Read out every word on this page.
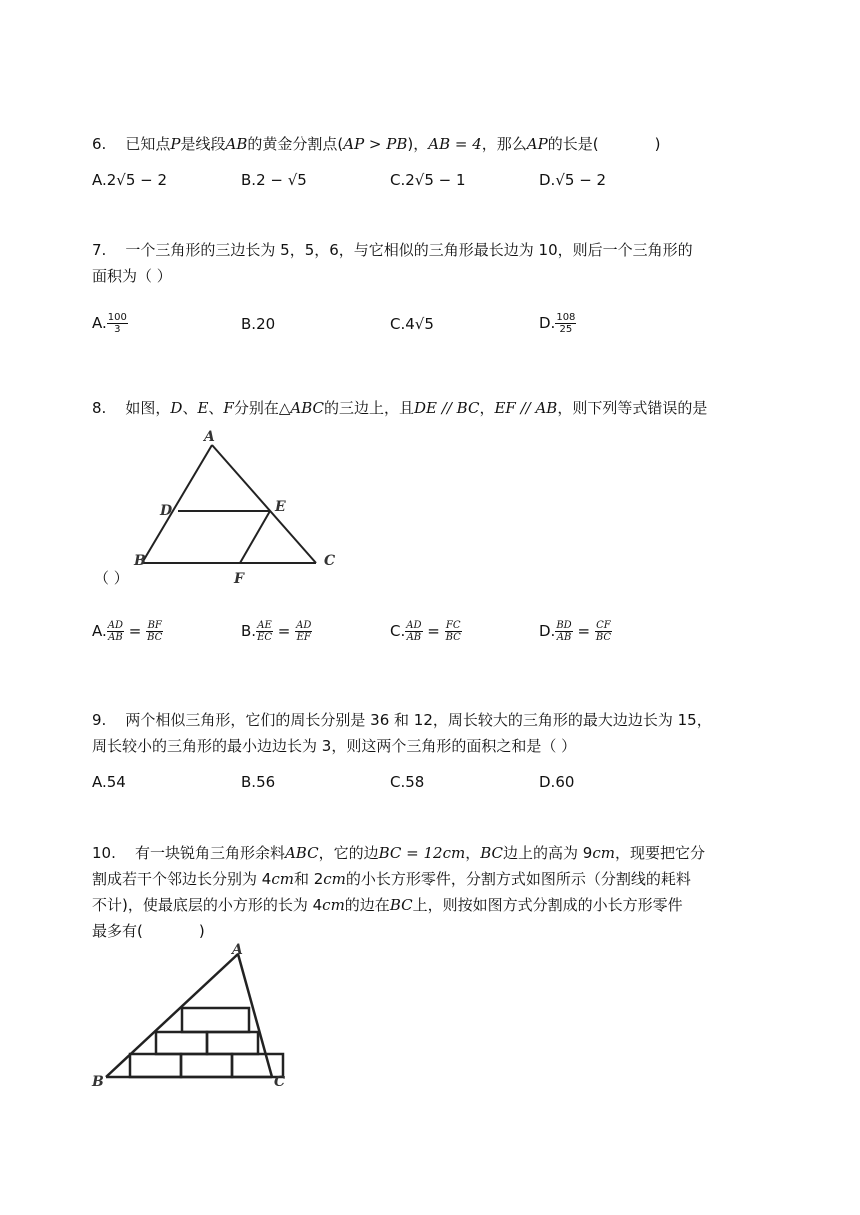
6. 已知点P是线段AB的黄金分割点(AP > PB)，AB = 4，那么AP的长是(	)
A.2√5 − 2	B.2 − √5	C.2√5 − 1	D.√5 − 2
7. 一个三角形的三边长为 5，5，6，与它相似的三角形最长边为 10，则后一个三角形的
面积为（ ）
A. $\frac{100}{3}$	B.20	C.4√5	D. $\frac{108}{25}$
8. 如图，D、E、F分别在△ABC的三边上，且DE // BC，EF // AB，则下列等式错误的是
A
D	E
B	C
F
（ ）
A. $\frac{AD}{AB} = \frac{BF}{BC}$	B. $\frac{AE}{EC} = \frac{AD}{EF}$	C. $\frac{AD}{AB} = \frac{FC}{BC}$	D. $\frac{BD}{AB} = \frac{CF}{BC}$
9. 两个相似三角形，它们的周长分别是 36 和 12，周长较大的三角形的最大边边长为 15，
周长较小的三角形的最小边边长为 3，则这两个三角形的面积之和是（ ）
A.54	B.56	C.58	D.60
10. 有一块锐角三角形余料ABC，它的边BC = 12cm，BC边上的高为 9cm，现要把它分
割成若干个邻边长分别为 4cm和 2cm的小长方形零件，分割方式如图所示（分割线的耗料
不计)，使最底层的小方形的长为 4cm的边在BC上，则按如图方式分割成的小长方形零件
最多有(	)
A
B	C
